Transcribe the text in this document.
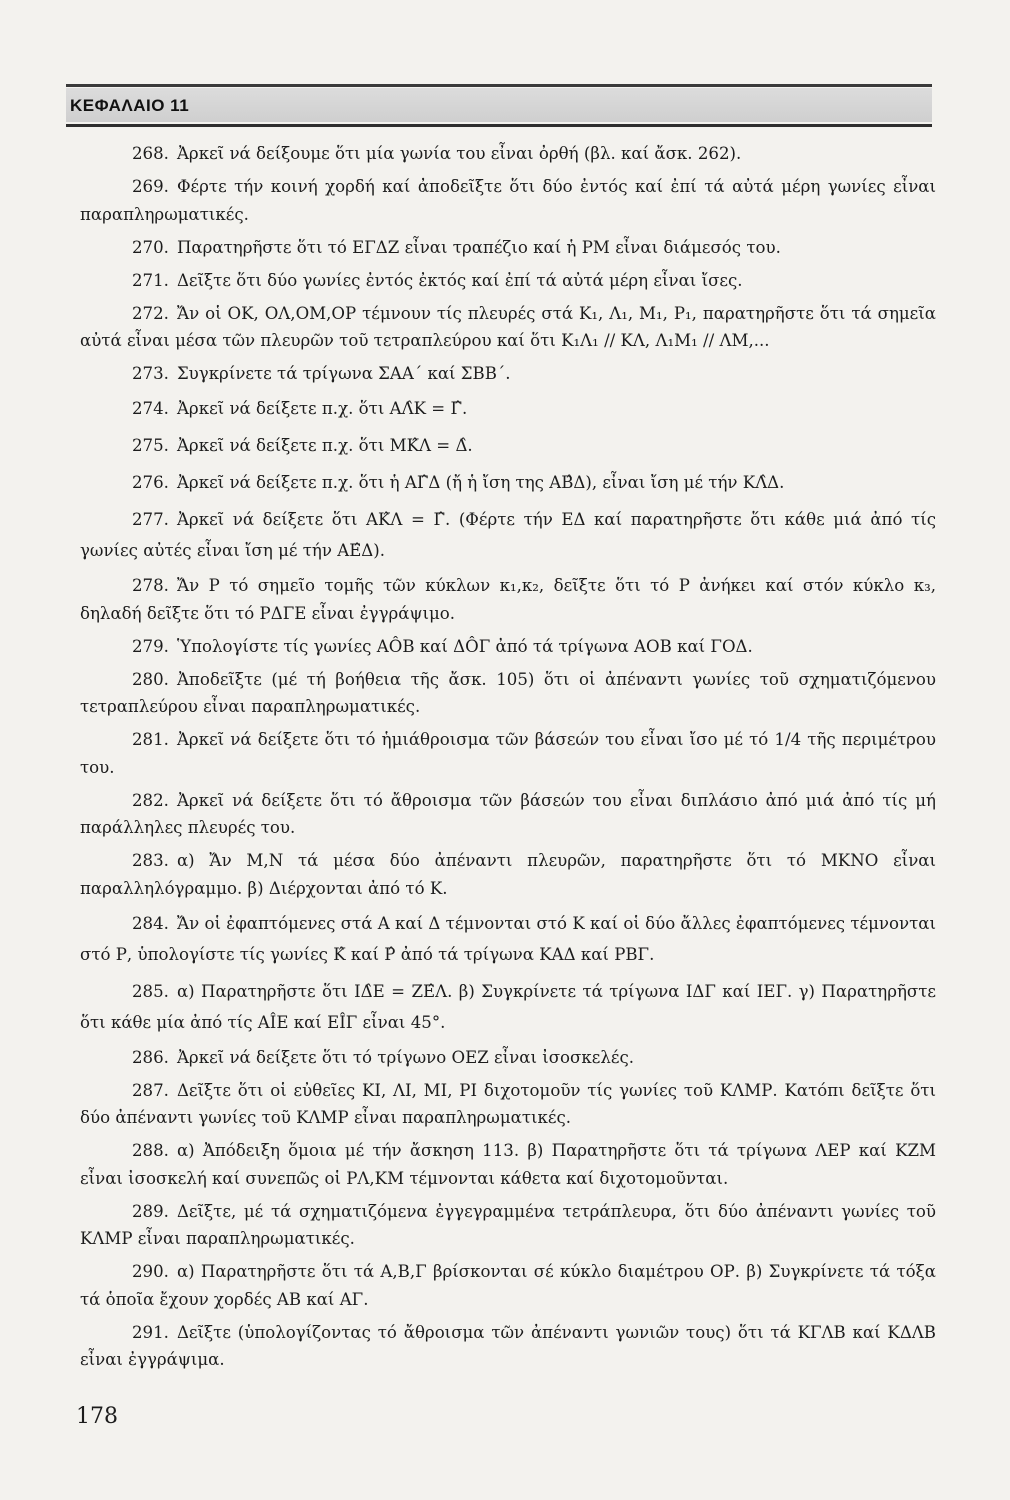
ΚΕΦΑΛΑΙΟ 11

268. Ἀρκεῖ νά δείξουμε ὅτι μία γωνία του εἶναι ὀρθή (βλ. καί ἄσκ. 262).

269. Φέρτε τήν κοινή χορδή καί ἀποδεῖξτε ὅτι δύο ἐντός καί ἐπί τά αὐτά μέρη γωνίες εἶναι παραπληρωματικές.

270. Παρατηρῆστε ὅτι τό ΕΓΔΖ εἶναι τραπέζιο καί ἡ ΡΜ εἶναι διάμεσός του.

271. Δεῖξτε ὅτι δύο γωνίες ἐντός ἐκτός καί ἐπί τά αὐτά μέρη εἶναι ἴσες.

272. Ἄν οἱ ΟΚ, ΟΛ,ΟΜ,ΟΡ τέμνουν τίς πλευρές στά Κ₁, Λ₁, Μ₁, Ρ₁, παρατηρῆστε ὅτι τά σημεῖα αὐτά εἶναι μέσα τῶν πλευρῶν τοῦ τετραπλεύρου καί ὅτι Κ₁Λ₁ // ΚΛ, Λ₁Μ₁ // ΛΜ,...

273. Συγκρίνετε τά τρίγωνα ΣΑΑ΄ καί ΣΒΒ΄.

274. Ἀρκεῖ νά δείξετε π.χ. ὅτι ΑΛ̂Κ = Γ̂.

275. Ἀρκεῖ νά δείξετε π.χ. ὅτι ΜΚ̂Λ = Δ̂.

276. Ἀρκεῖ νά δείξετε π.χ. ὅτι ἡ ΑΓ̂Δ (ἤ ἡ ἴση της ΑΒ̂Δ), εἶναι ἴση μέ τήν ΚΛ̂Δ.

277. Ἀρκεῖ νά δείξετε ὅτι ΑΚ̂Λ = Γ̂. (Φέρτε τήν ΕΔ καί παρατηρῆστε ὅτι κάθε μιά ἀπό τίς γωνίες αὐτές εἶναι ἴση μέ τήν ΑΕ̂Δ).

278. Ἄν Ρ τό σημεῖο τομῆς τῶν κύκλων κ₁,κ₂, δεῖξτε ὅτι τό Ρ ἀνήκει καί στόν κύκλο κ₃, δηλαδή δεῖξτε ὅτι τό ΡΔΓΕ εἶναι ἐγγράψιμο.

279. Ὑπολογίστε τίς γωνίες ΑÔΒ καί ΔÔΓ ἀπό τά τρίγωνα ΑΟΒ καί ΓΟΔ.

280. Ἀποδεῖξτε (μέ τή βοήθεια τῆς ἄσκ. 105) ὅτι οἱ ἀπέναντι γωνίες τοῦ σχηματιζόμενου τετραπλεύρου εἶναι παραπληρωματικές.

281. Ἀρκεῖ νά δείξετε ὅτι τό ἡμιάθροισμα τῶν βάσεών του εἶναι ἴσο μέ τό 1/4 τῆς περιμέτρου του.

282. Ἀρκεῖ νά δείξετε ὅτι τό ἄθροισμα τῶν βάσεών του εἶναι διπλάσιο ἀπό μιά ἀπό τίς μή παράλληλες πλευρές του.

283. α) Ἄν Μ,Ν τά μέσα δύο ἀπέναντι πλευρῶν, παρατηρῆστε ὅτι τό ΜΚΝΟ εἶναι παραλληλόγραμμο. β) Διέρχονται ἀπό τό Κ.

284. Ἄν οἱ ἐφαπτόμενες στά Α καί Δ τέμνονται στό Κ καί οἱ δύο ἄλλες ἐφαπτόμενες τέμνονται στό Ρ, ὑπολογίστε τίς γωνίες Κ̂ καί Ρ̂ ἀπό τά τρίγωνα ΚΑΔ καί ΡΒΓ.

285. α) Παρατηρῆστε ὅτι ΙΔ̂Ε = ΖΕ̂Λ. β) Συγκρίνετε τά τρίγωνα ΙΔΓ καί ΙΕΓ. γ) Παρατηρῆστε ὅτι κάθε μία ἀπό τίς ΑÎΕ καί ΕÎΓ εἶναι 45°.

286. Ἀρκεῖ νά δείξετε ὅτι τό τρίγωνο ΟΕΖ εἶναι ἰσοσκελές.

287. Δεῖξτε ὅτι οἱ εὐθεῖες ΚΙ, ΛΙ, ΜΙ, ΡΙ διχοτομοῦν τίς γωνίες τοῦ ΚΛΜΡ. Κατόπι δεῖξτε ὅτι δύο ἀπέναντι γωνίες τοῦ ΚΛΜΡ εἶναι παραπληρωματικές.

288. α) Ἀπόδειξη ὅμοια μέ τήν ἄσκηση 113. β) Παρατηρῆστε ὅτι τά τρίγωνα ΛΕΡ καί ΚΖΜ εἶναι ἰσοσκελή καί συνεπῶς οἱ ΡΛ,ΚΜ τέμνονται κάθετα καί διχοτομοῦνται.

289. Δεῖξτε, μέ τά σχηματιζόμενα ἐγγεγραμμένα τετράπλευρα, ὅτι δύο ἀπέναντι γωνίες τοῦ ΚΛΜΡ εἶναι παραπληρωματικές.

290. α) Παρατηρῆστε ὅτι τά Α,Β,Γ βρίσκονται σέ κύκλο διαμέτρου ΟΡ. β) Συγκρίνετε τά τόξα τά ὁποῖα ἔχουν χορδές ΑΒ καί ΑΓ.

291. Δεῖξτε (ὑπολογίζοντας τό ἄθροισμα τῶν ἀπέναντι γωνιῶν τους) ὅτι τά ΚΓΛΒ καί ΚΔΛΒ εἶναι ἐγγράψιμα.

178
